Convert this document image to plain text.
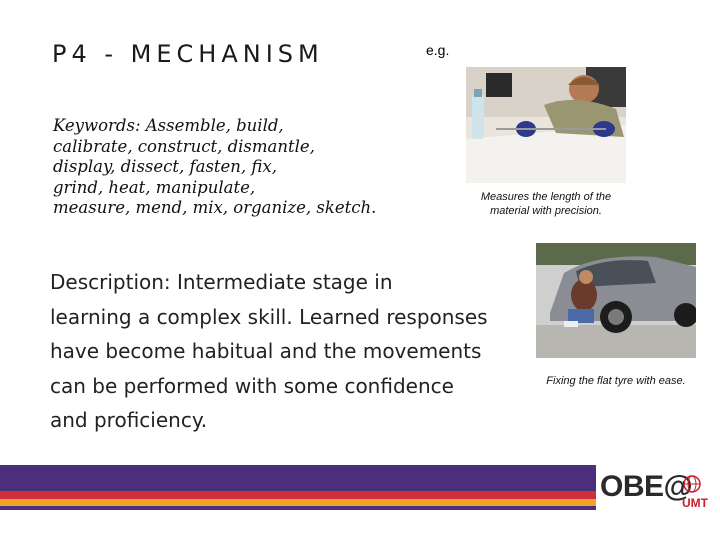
P4 - MECHANISM	e.g.
Keywords: Assemble, build,
calibrate, construct, dismantle,
display, dissect, fasten, fix,
grind, heat, manipulate,
measure, mend, mix, organize, sketch.
Measures the length of the
material with precision.
Fixing the flat tyre with ease.
Description: Intermediate stage in
learning a complex skill. Learned responses
have become habitual and the movements
can be performed with some confidence
and proficiency.
OBE@
UMT
